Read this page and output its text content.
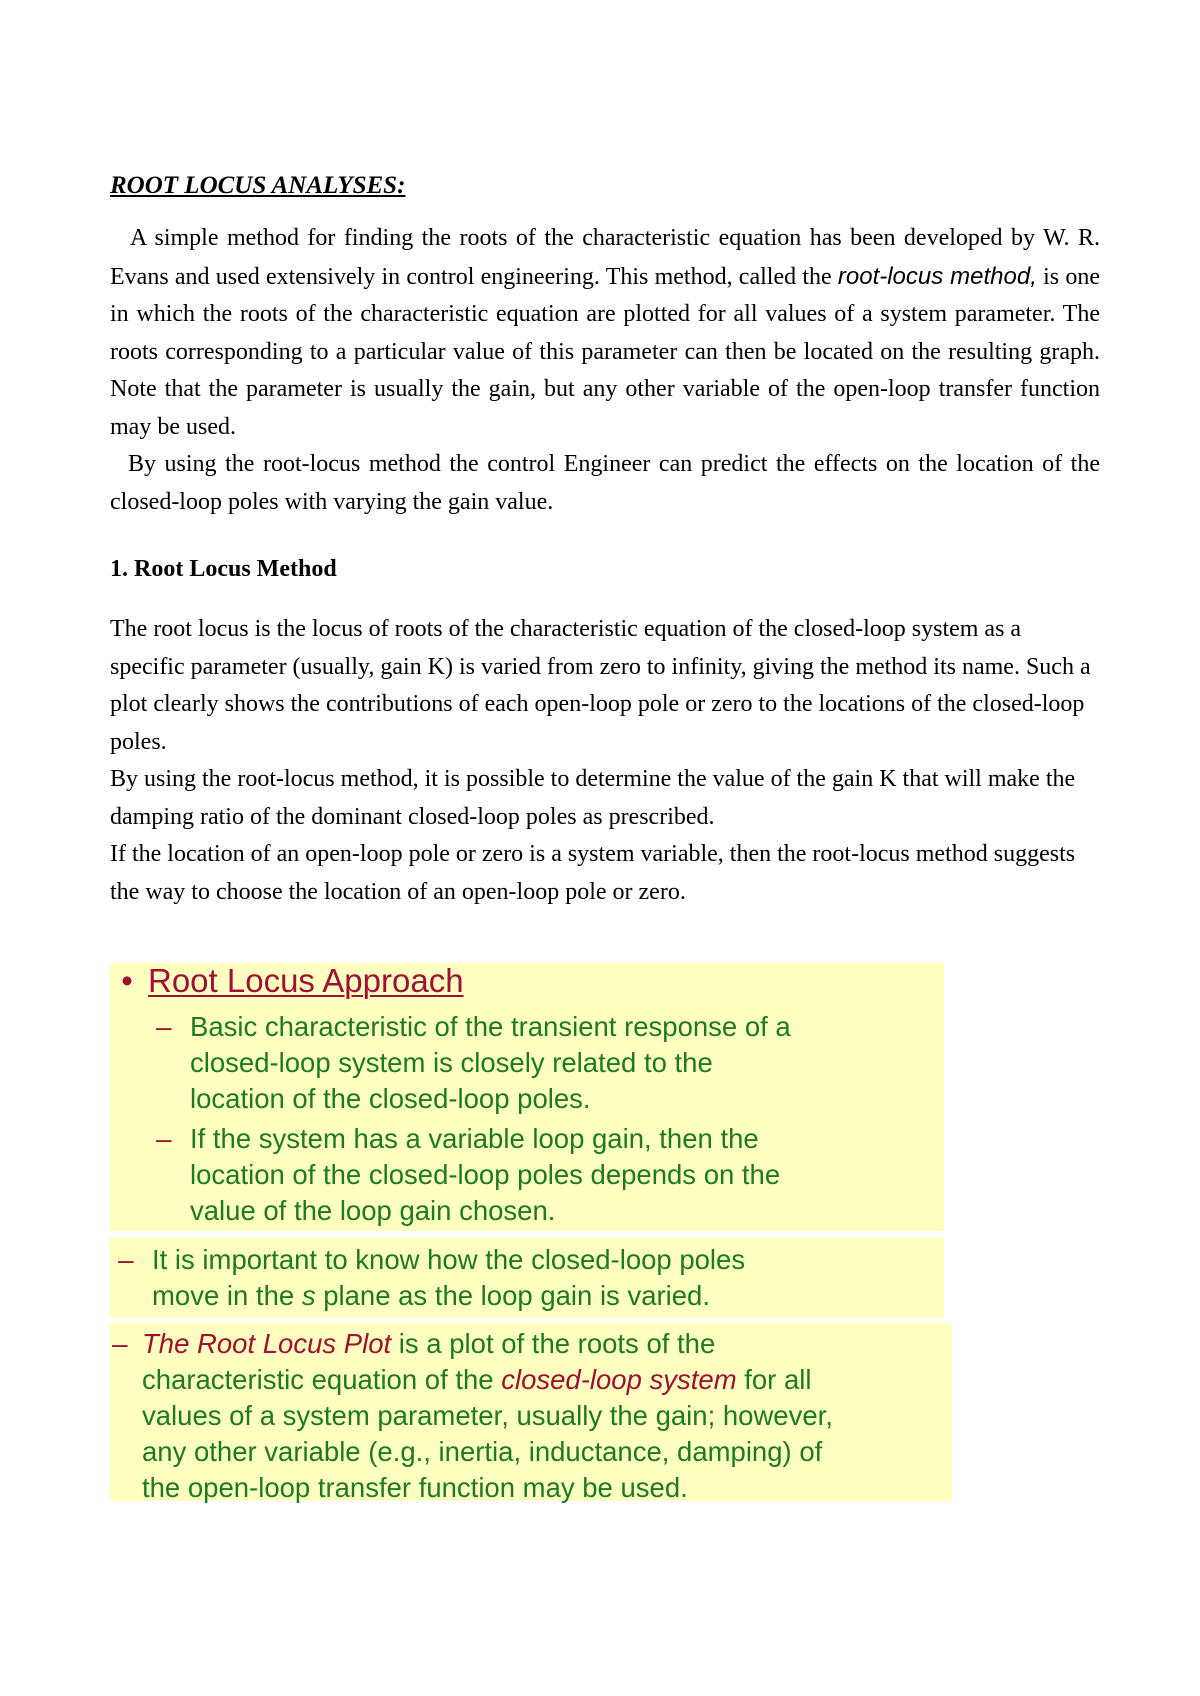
ROOT LOCUS ANALYSES:

A simple method for finding the roots of the characteristic equation has been developed by W. R. Evans and used extensively in control engineering. This method, called the root-locus method, is one in which the roots of the characteristic equation are plotted for all values of a system parameter. The roots corresponding to a particular value of this parameter can then be located on the resulting graph. Note that the parameter is usually the gain, but any other variable of the open-loop transfer function may be used.

By using the root-locus method the control Engineer can predict the effects on the location of the closed-loop poles with varying the gain value.

1. Root Locus Method

The root locus is the locus of roots of the characteristic equation of the closed-loop system as a specific parameter (usually, gain K) is varied from zero to infinity, giving the method its name. Such a plot clearly shows the contributions of each open-loop pole or zero to the locations of the closed-loop poles.

By using the root-locus method, it is possible to determine the value of the gain K that will make the damping ratio of the dominant closed-loop poles as prescribed.

If the location of an open-loop pole or zero is a system variable, then the root-locus method suggests the way to choose the location of an open-loop pole or zero.

• Root Locus Approach
– Basic characteristic of the transient response of a
closed-loop system is closely related to the
location of the closed-loop poles.
– If the system has a variable loop gain, then the
location of the closed-loop poles depends on the
value of the loop gain chosen.
– It is important to know how the closed-loop poles
move in the s plane as the loop gain is varied.
– The Root Locus Plot is a plot of the roots of the
characteristic equation of the closed-loop system for all
values of a system parameter, usually the gain; however,
any other variable (e.g., inertia, inductance, damping) of
the open-loop transfer function may be used.
